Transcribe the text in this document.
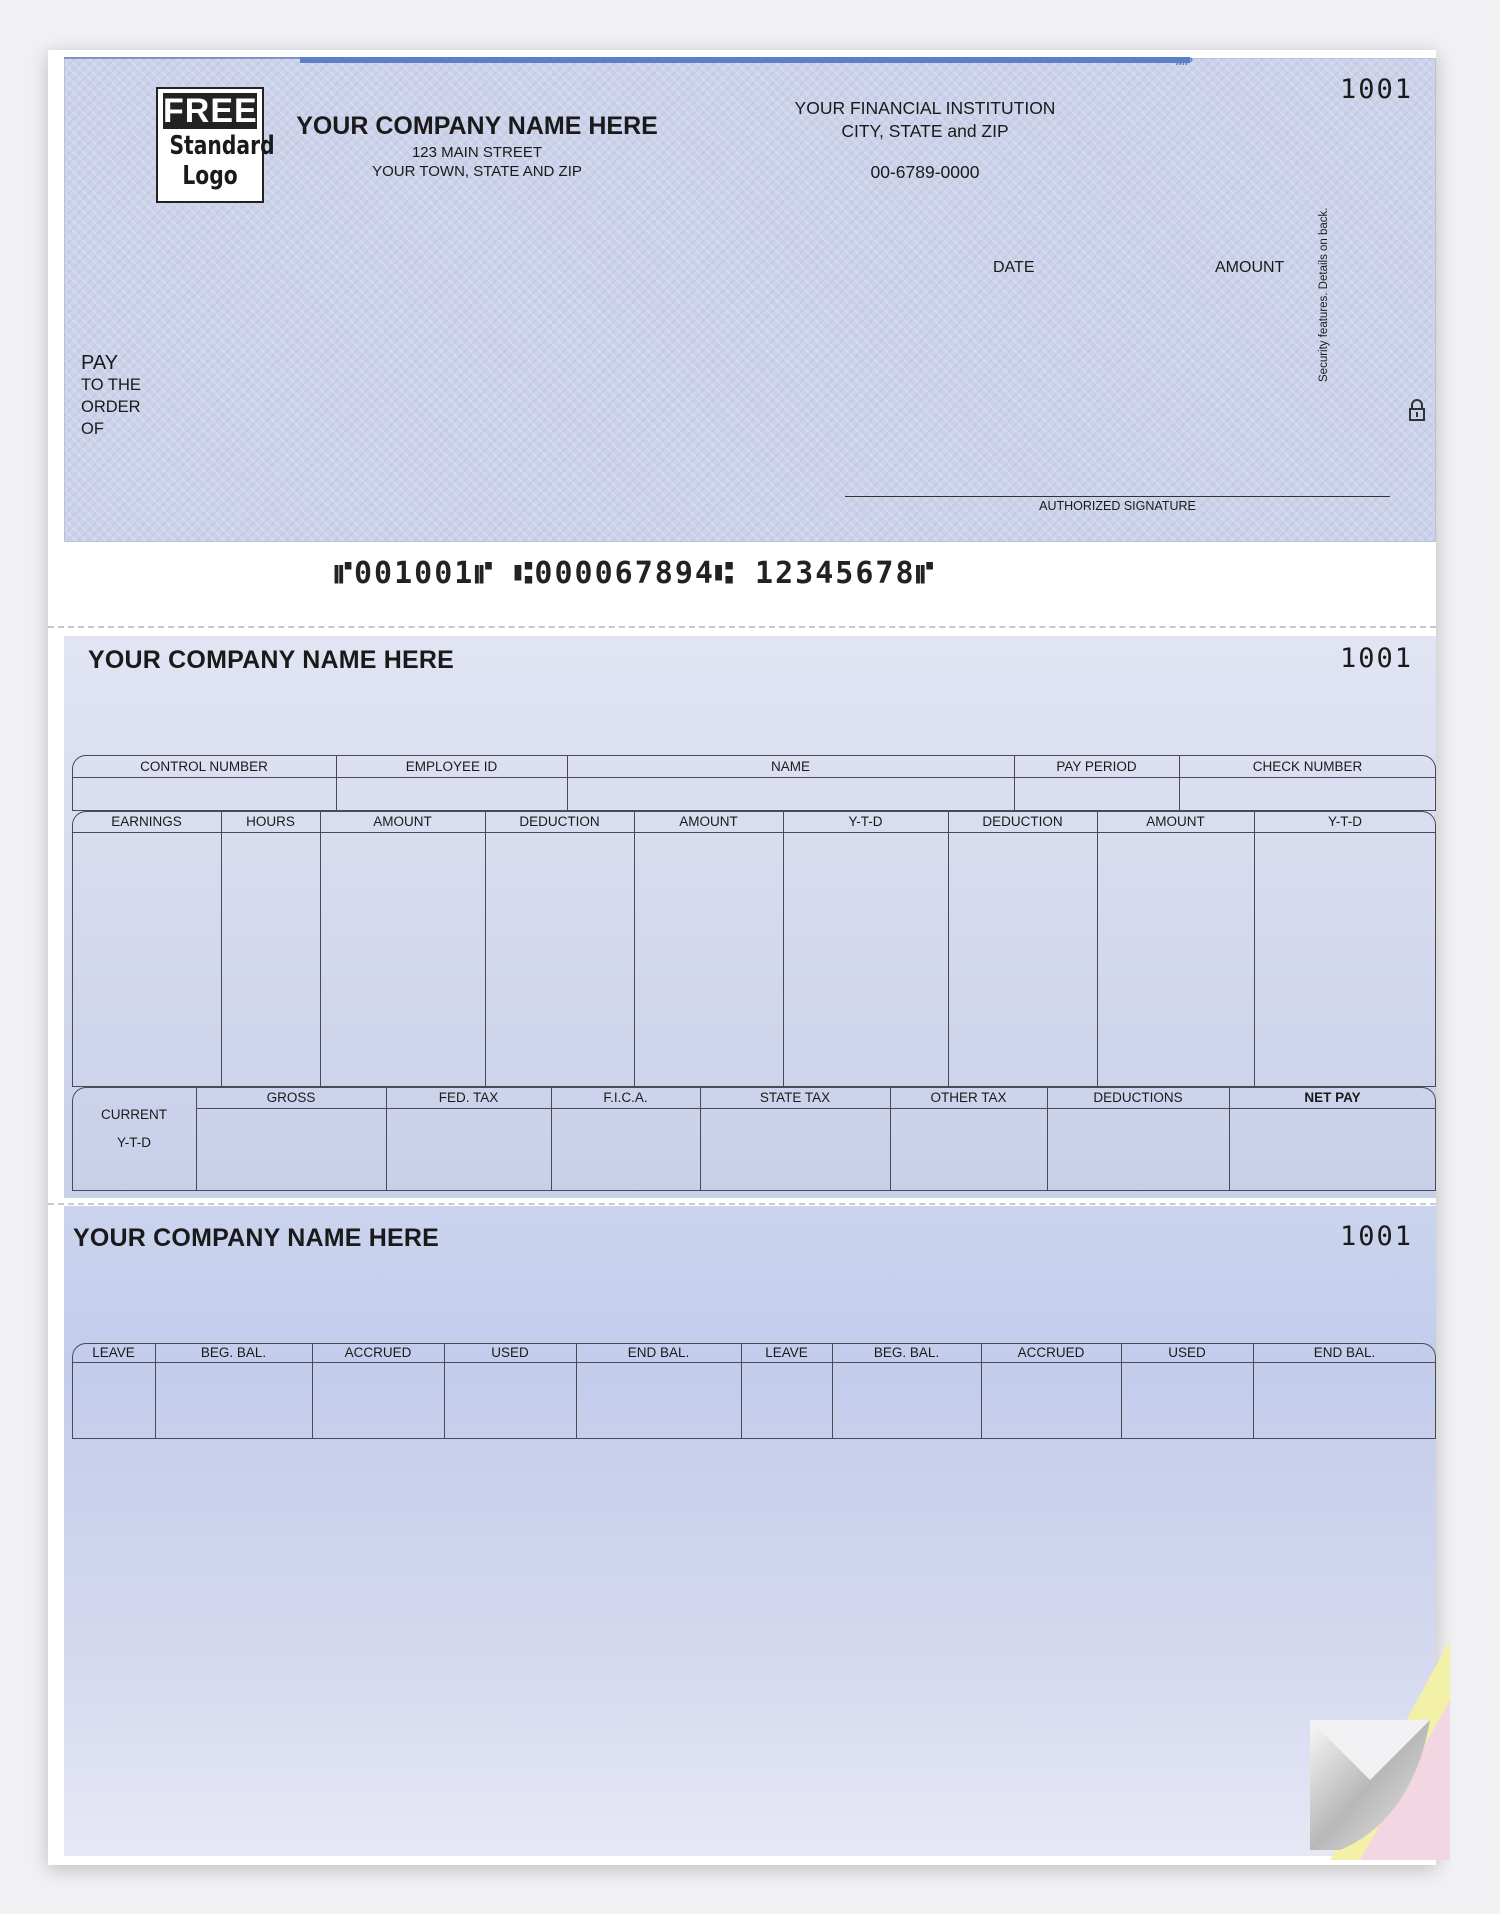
MP
FREE
Standard
Logo
YOUR COMPANY NAME HERE
123 MAIN STREET
YOUR TOWN, STATE AND ZIP
YOUR FINANCIAL INSTITUTION
CITY, STATE and ZIP
00-6789-0000
1001
DATE	AMOUNT
PAY
TO THE
ORDER
OF
AUTHORIZED SIGNATURE
Security features. Details on back.
⑈001001⑈ ⑆000067894⑆ 12345678⑈
YOUR COMPANY NAME HERE	1001
CONTROL NUMBER	EMPLOYEE ID	NAME	PAY PERIOD	CHECK NUMBER
EARNINGS	HOURS	AMOUNT	DEDUCTION	AMOUNT	Y-T-D	DEDUCTION	AMOUNT	Y-T-D
CURRENT
Y-T-D
GROSS	FED. TAX	F.I.C.A.	STATE TAX	OTHER TAX	DEDUCTIONS	NET PAY
YOUR COMPANY NAME HERE	1001
LEAVE	BEG. BAL.	ACCRUED	USED	END BAL.	LEAVE	BEG. BAL.	ACCRUED	USED	END BAL.
